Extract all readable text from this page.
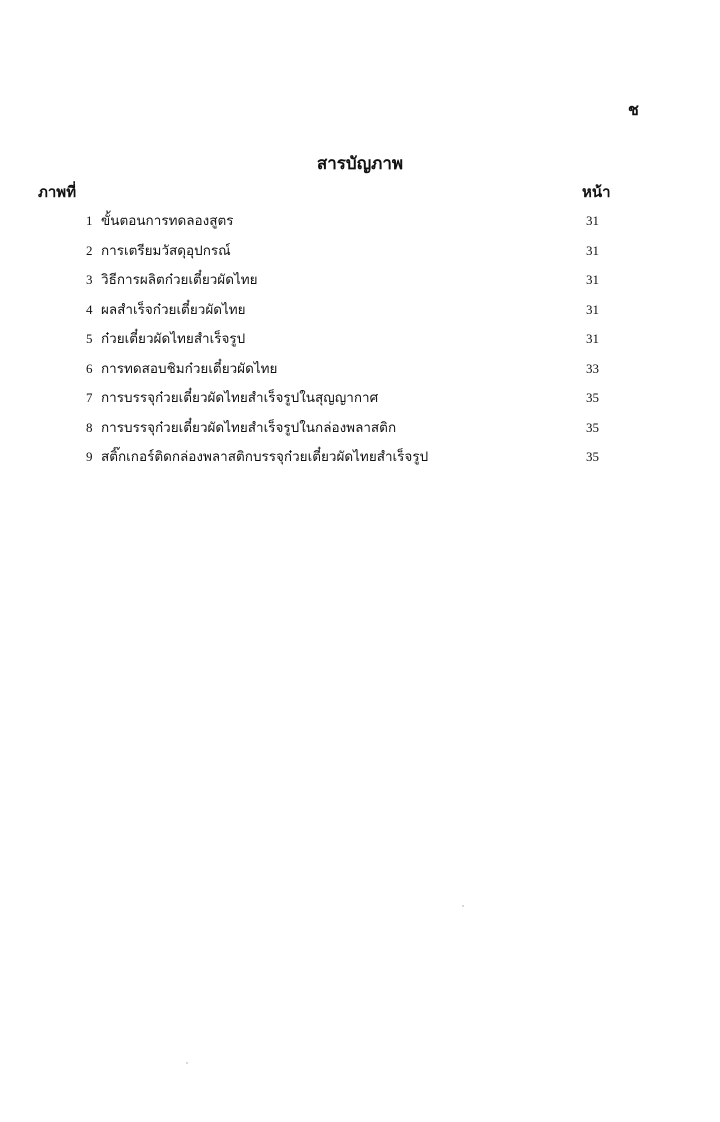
ช
สารบัญภาพ
ภาพที่	หน้า
1 ขั้นตอนการทดลองสูตร	31
2 การเตรียมวัสดุอุปกรณ์	31
3 วิธีการผลิตก๋วยเตี๋ยวผัดไทย	31
4 ผลสำเร็จก๋วยเตี๋ยวผัดไทย	31
5 ก๋วยเตี๋ยวผัดไทยสำเร็จรูป	31
6 การทดสอบชิมก๋วยเตี๋ยวผัดไทย	33
7 การบรรจุก๋วยเตี๋ยวผัดไทยสำเร็จรูปในสุญญากาศ	35
8 การบรรจุก๋วยเตี๋ยวผัดไทยสำเร็จรูปในกล่องพลาสติก	35
9 สติ๊กเกอร์ติดกล่องพลาสติกบรรจุก๋วยเตี๋ยวผัดไทยสำเร็จรูป	35
